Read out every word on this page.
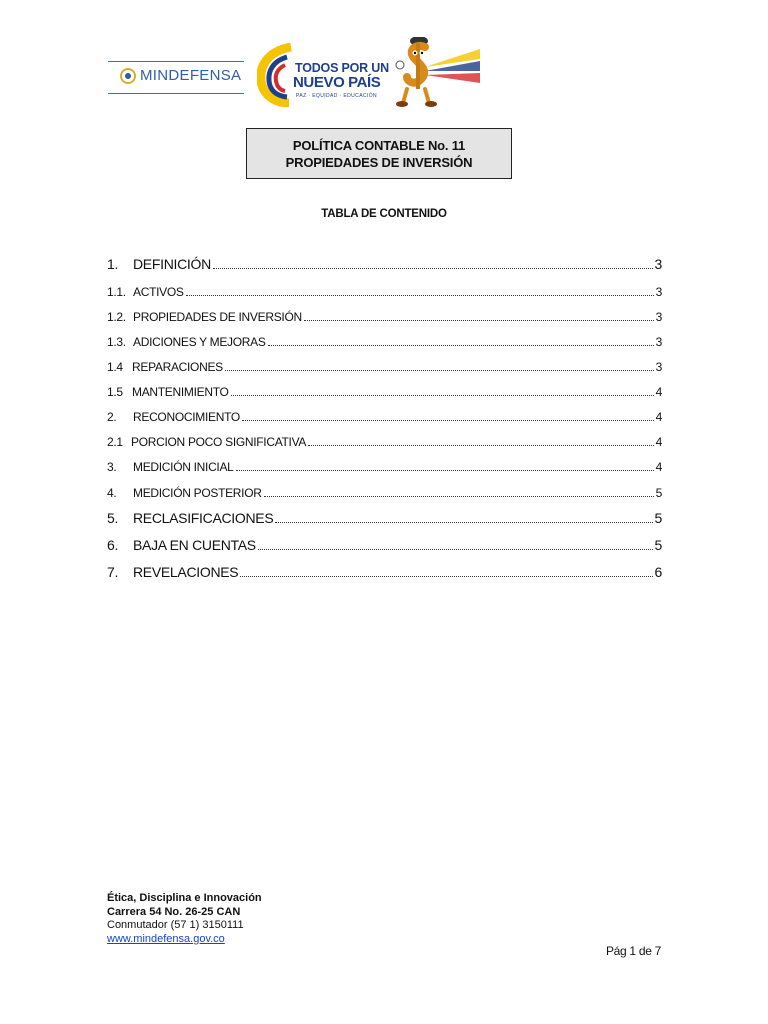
MINDEFENSA	TODOS POR UN
NUEVO PAÍS
PAZ · EQUIDAD · EDUCACIÓN
POLÍTICA CONTABLE No. 11
PROPIEDADES DE INVERSIÓN
TABLA DE CONTENIDO
1.	DEFINICIÓN	3
1.1. ACTIVOS	3
1.2. PROPIEDADES DE INVERSIÓN	3
1.3. ADICIONES Y MEJORAS	3
1.4 REPARACIONES	3
1.5 MANTENIMIENTO	4
2.	RECONOCIMIENTO	4
2.1 PORCION POCO SIGNIFICATIVA	4
3.	MEDICIÓN INICIAL	4
4.	MEDICIÓN POSTERIOR	5
5.	RECLASIFICACIONES	5
6.	BAJA EN CUENTAS	5
7.	REVELACIONES	6
Ética, Disciplina e Innovación
Carrera 54 No. 26-25 CAN
Conmutador (57 1) 3150111
www.mindefensa.gov.co
Pág 1 de 7
